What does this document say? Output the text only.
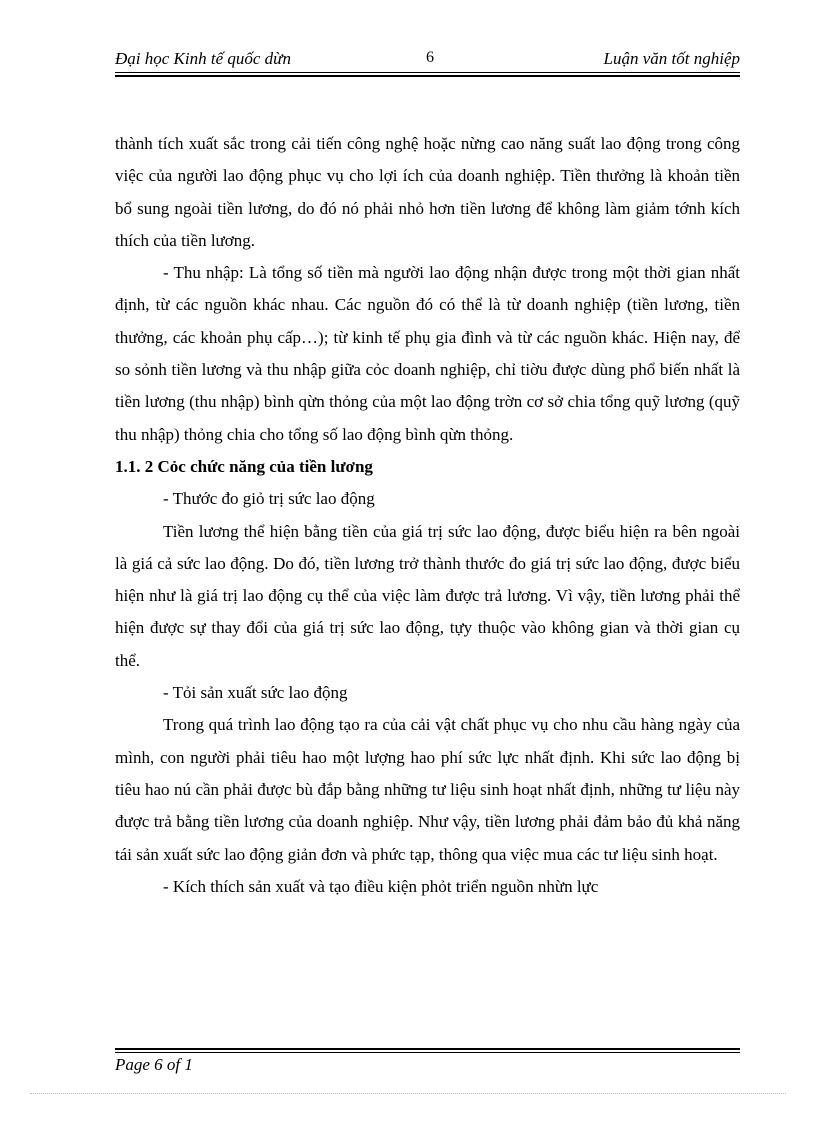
Đại học Kinh tế quốc dừn	6	Luận văn tốt nghiệp

thành tích xuất sắc trong cải tiến công nghệ hoặc nừng cao năng suất lao động trong công việc của người lao động phục vụ cho lợi ích của doanh nghiệp. Tiền thưởng là khoản tiền bổ sung ngoài tiền lương, do đó nó phải nhỏ hơn tiền lương để không làm giảm tớnh kích thích của tiền lương.

- Thu nhập: Là tổng số tiền mà người lao động nhận được trong một thời gian nhất định, từ các nguồn khác nhau. Các nguồn đó có thể là từ doanh nghiệp (tiền lương, tiền thưởng, các khoản phụ cấp…); từ kinh tế phụ gia đình và từ các nguồn khác. Hiện nay, để so sỏnh tiền lương và thu nhập giữa cỏc doanh nghiệp, chỉ tiờu được dùng phổ biến nhất là tiền lương (thu nhập) bình qừn thỏng của một lao động trờn cơ sở chia tổng quỹ lương (quỹ thu nhập) thỏng chia cho tổng số lao động bình qừn thỏng.

1.1. 2 Cỏc chức năng của tiền lương

- Thước đo giỏ trị sức lao động

Tiền lương thể hiện bằng tiền của giá trị sức lao động, được biểu hiện ra bên ngoài là giá cả sức lao động. Do đó, tiền lương trở thành thước đo giá trị sức lao động, được biểu hiện như là giá trị lao động cụ thể của việc làm được trả lương. Vì vậy, tiền lương phải thể hiện được sự thay đổi của giá trị sức lao động, tựy thuộc vào không gian và thời gian cụ thể.

- Tỏi sản xuất sức lao động

Trong quá trình lao động tạo ra của cải vật chất phục vụ cho nhu cầu hàng ngày của mình, con người phải tiêu hao một lượng hao phí sức lực nhất định. Khi sức lao động bị tiêu hao nú cần phải được bù đắp bằng những tư liệu sinh hoạt nhất định, những tư liệu này được trả bằng tiền lương của doanh nghiệp. Như vậy, tiền lương phải đảm bảo đủ khả năng tái sản xuất sức lao động giản đơn và phức tạp, thông qua việc mua các tư liệu sinh hoạt.

- Kích thích sản xuất và tạo điều kiện phỏt triển nguồn nhừn lực

Page 6 of 1
